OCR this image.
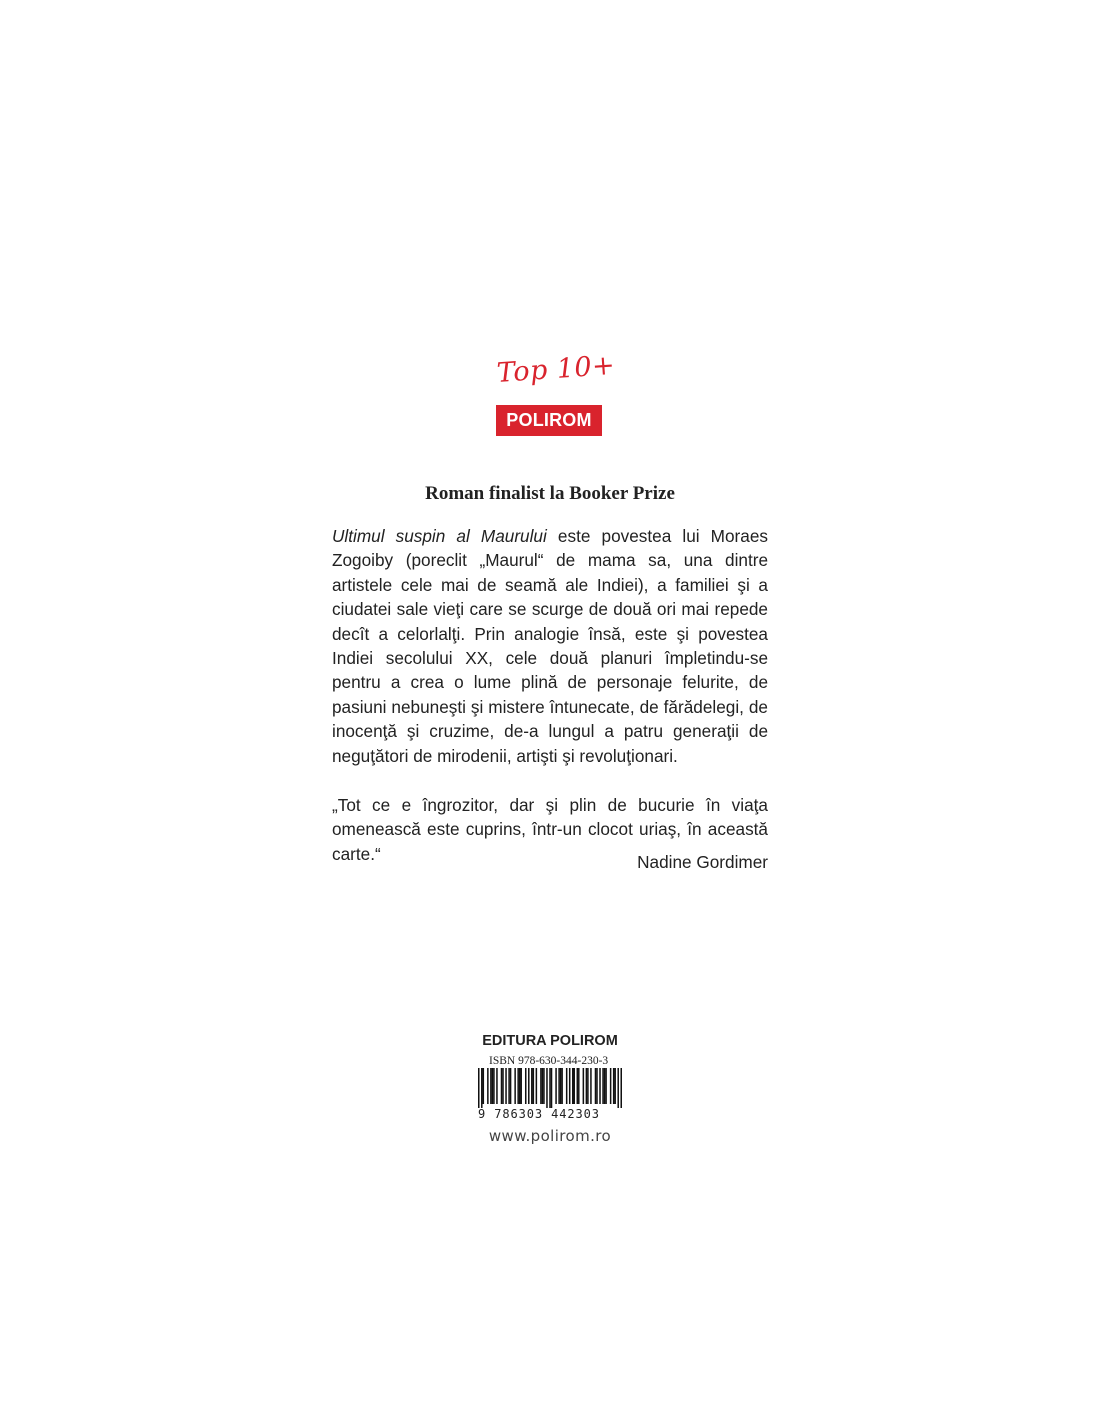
Top 10+
POLIROM
Roman finalist la Booker Prize

Ultimul suspin al Maurului este povestea lui Moraes Zogoiby (poreclit „Maurul“ de mama sa, una dintre artistele cele mai de seamă ale Indiei), a familiei şi a ciudatei sale vieţi care se scurge de două ori mai repede decît a celorlalţi. Prin analogie însă, este şi povestea Indiei secolului XX, cele două planuri împletindu-se pentru a crea o lume plină de personaje felurite, de pasiuni nebuneşti şi mistere întunecate, de fărădelegi, de inocenţă şi cruzime, de-a lungul a patru generaţii de neguţători de mirodenii, artişti şi revoluţionari.

„Tot ce e îngrozitor, dar şi plin de bucurie în viaţa omenească este cuprins, într-un clocot uriaş, în această carte.“	Nadine Gordimer
EDITURA POLIROM
ISBN 978-630-344-230-3
9 786303 442303
www.polirom.ro
